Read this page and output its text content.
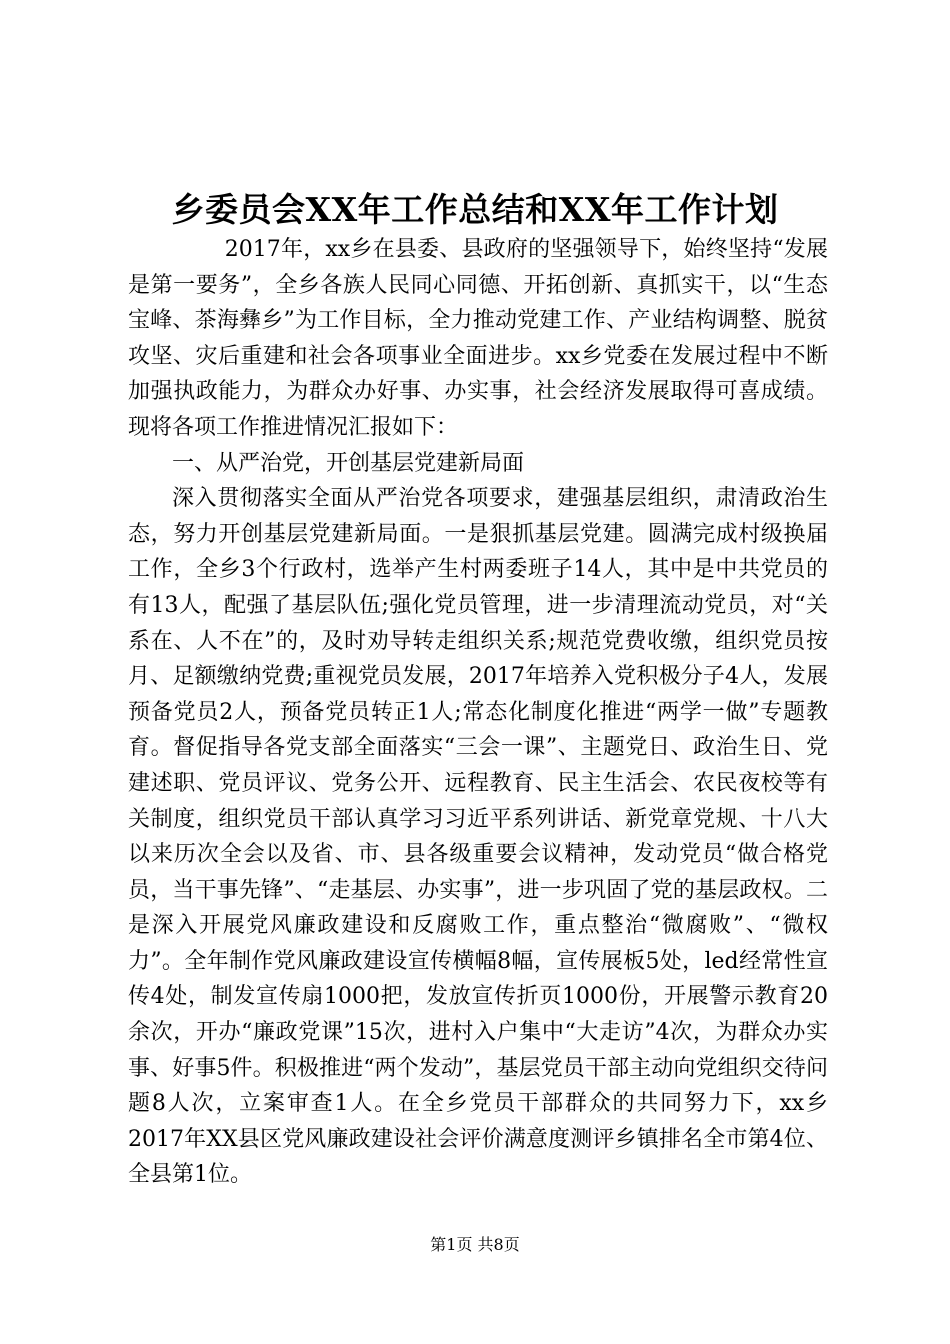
乡委员会XX年工作总结和XX年工作计划

2017年，xx乡在县委、县政府的坚强领导下，始终坚持“发展是第一要务”，全乡各族人民同心同德、开拓创新、真抓实干，以“生态宝峰、茶海彝乡”为工作目标，全力推动党建工作、产业结构调整、脱贫攻坚、灾后重建和社会各项事业全面进步。xx乡党委在发展过程中不断加强执政能力，为群众办好事、办实事，社会经济发展取得可喜成绩。现将各项工作推进情况汇报如下：

一、从严治党，开创基层党建新局面

深入贯彻落实全面从严治党各项要求，建强基层组织，肃清政治生态，努力开创基层党建新局面。一是狠抓基层党建。圆满完成村级换届工作，全乡3个行政村，选举产生村两委班子14人，其中是中共党员的有13人，配强了基层队伍;强化党员管理，进一步清理流动党员，对“关系在、人不在”的，及时劝导转走组织关系;规范党费收缴，组织党员按月、足额缴纳党费;重视党员发展，2017年培养入党积极分子4人，发展预备党员2人，预备党员转正1人;常态化制度化推进“两学一做”专题教育。督促指导各党支部全面落实“三会一课”、主题党日、政治生日、党建述职、党员评议、党务公开、远程教育、民主生活会、农民夜校等有关制度，组织党员干部认真学习习近平系列讲话、新党章党规、十八大以来历次全会以及省、市、县各级重要会议精神，发动党员“做合格党员，当干事先锋”、“走基层、办实事”，进一步巩固了党的基层政权。二是深入开展党风廉政建设和反腐败工作，重点整治“微腐败”、“微权力”。全年制作党风廉政建设宣传横幅8幅，宣传展板5处，led经常性宣传4处，制发宣传扇1000把，发放宣传折页1000份，开展警示教育20余次，开办“廉政党课”15次，进村入户集中“大走访”4次，为群众办实事、好事5件。积极推进“两个发动”，基层党员干部主动向党组织交待问题8人次，立案审查1人。在全乡党员干部群众的共同努力下，xx乡2017年XX县区党风廉政建设社会评价满意度测评乡镇排名全市第4位、全县第1位。

第1页 共8页
